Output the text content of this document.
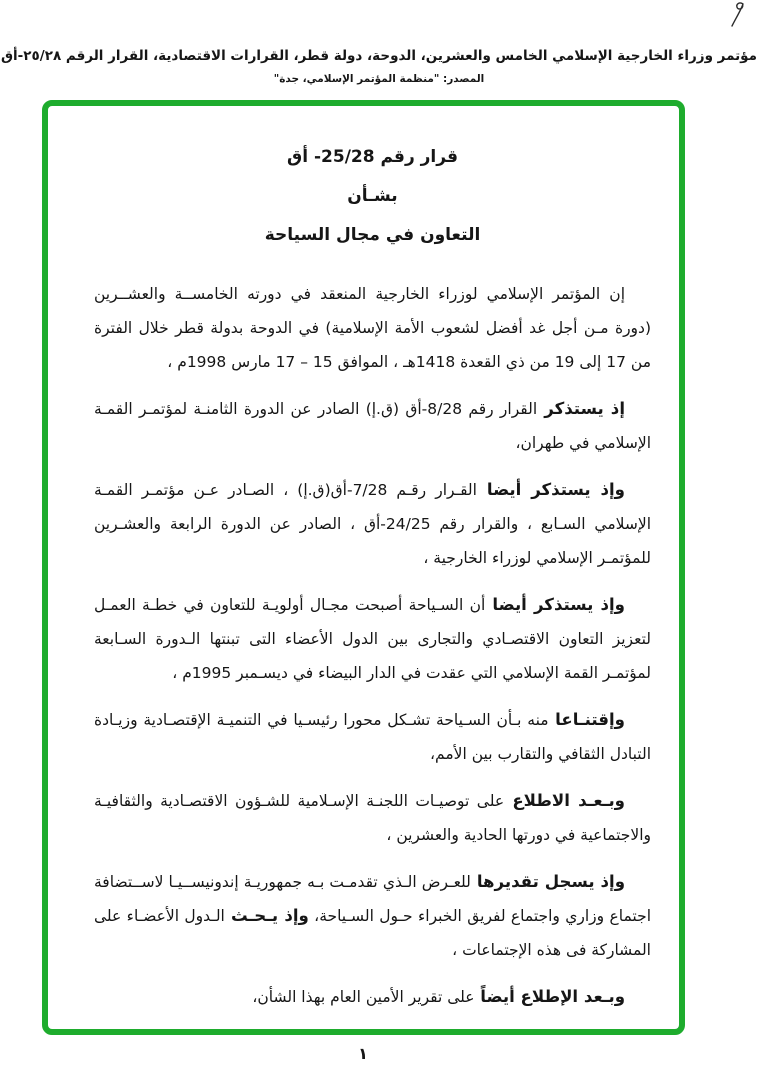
مؤتمر وزراء الخارجية الإسلامي الخامس والعشرين، الدوحة، دولة قطر، القرارات الاقتصادية، القرار الرقم ٢٥/٢٨-أق
المصدر: "منظمة المؤتمر الإسلامي، جدة"
قرار رقم 25/28- أق
بشـأن
التعاون في مجال السياحة

إن المؤتمر الإسلامي لوزراء الخارجية المنعقد في دورته الخامســة والعشــرين (دورة مـن أجل غد أفضل لشعوب الأمة الإسلامية) في الدوحة بدولة قطر خلال الفترة من 17 إلى 19 من ذي القعدة 1418هـ ، الموافق 15 – 17 مارس 1998م ،

إذ يستذكر القرار رقم 8/28-أق (ق.إ) الصادر عن الدورة الثامنـة لمؤتمـر القمـة الإسلامي في طهران،

وإذ يستذكر أيضا القـرار رقـم 7/28-أق(ق.إ) ، الصـادر عـن مؤتمـر القمـة الإسلامي السـابع ، والقرار رقم 24/25-أق ، الصادر عن الدورة الرابعة والعشـرين للمؤتمـر الإسلامي لوزراء الخارجية ،

وإذ يستذكر أيضا أن السـياحة أصبحت مجـال أولويـة للتعاون في خطـة العمـل لتعزيز التعاون الاقتصـادي والتجارى بين الدول الأعضاء التى تبنتها الـدورة السـابعة لمؤتمـر القمة الإسلامي التي عقدت في الدار البيضاء في ديسـمبر 1995م ،

وإقتنـاعا منه بـأن السـياحة تشـكل محورا رئيسـيا في التنميـة الإقتصـادية وزيـادة التبادل الثقافي والتقارب بين الأمم،

وبـعـد الاطلاع على توصيـات اللجنـة الإسـلامية للشـؤون الاقتصـادية والثقافيـة والاجتماعية في دورتها الحادية والعشرين ،

وإذ يسجل تقديرها للعـرض الـذي تقدمـت بـه جمهوريـة إندونيســيـا لاســتضافة اجتماع وزاري واجتماع لفريق الخبراء حـول السـياحة، وإذ يـحـث الـدول الأعضـاء على المشاركة فى هذه الإجتماعات ،

وبـعد الإطلاع أيضاً على تقرير الأمين العام بهذا الشأن،

١
